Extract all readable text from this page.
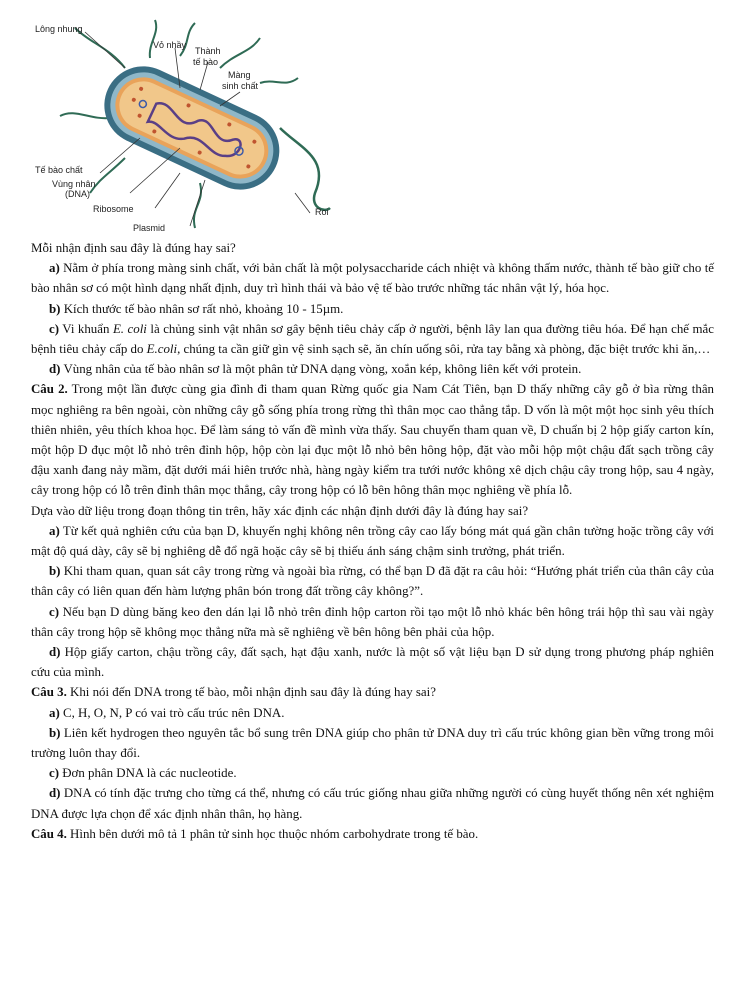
Lông nhung
Vỏ nhầy
Thành
tế bào
Màng
sinh chất
Tế bào chất
Vùng nhân
(DNA)
Ribosome	Roi
Plasmid

Mỗi nhận định sau đây là đúng hay sai?

a) Nằm ở phía trong màng sinh chất, với bản chất là một polysaccharide cách nhiệt và không thấm nước, thành tế bào giữ cho tế bào nhân sơ có một hình dạng nhất định, duy trì hình thái và bảo vệ tế bào trước những tác nhân vật lý, hóa học.

b) Kích thước tế bào nhân sơ rất nhỏ, khoảng 10 - 15µm.

c) Vi khuẩn E. coli là chủng sinh vật nhân sơ gây bệnh tiêu chảy cấp ở người, bệnh lây lan qua đường tiêu hóa. Để hạn chế mắc bệnh tiêu chảy cấp do E.coli, chúng ta cần giữ gìn vệ sinh sạch sẽ, ăn chín uống sôi, rửa tay bằng xà phòng, đặc biệt trước khi ăn,…

d) Vùng nhân của tế bào nhân sơ là một phân tử DNA dạng vòng, xoắn kép, không liên kết với protein.

Câu 2. Trong một lần được cùng gia đình đi tham quan Rừng quốc gia Nam Cát Tiên, bạn D thấy những cây gỗ ở bìa rừng thân mọc nghiêng ra bên ngoài, còn những cây gỗ sống phía trong rừng thì thân mọc cao thẳng tắp. D vốn là một một học sinh yêu thích thiên nhiên, yêu thích khoa học. Để làm sáng tỏ vấn đề mình vừa thấy. Sau chuyến tham quan về, D chuẩn bị 2 hộp giấy carton kín, một hộp D đục một lỗ nhỏ trên đỉnh hộp, hộp còn lại đục một lỗ nhỏ bên hông hộp, đặt vào mỗi hộp một chậu đất sạch trồng cây đậu xanh đang nảy mầm, đặt dưới mái hiên trước nhà, hàng ngày kiểm tra tưới nước không xê dịch chậu cây trong hộp, sau 4 ngày, cây trong hộp có lỗ trên đỉnh thân mọc thẳng, cây trong hộp có lỗ bên hông thân mọc nghiêng về phía lỗ.

Dựa vào dữ liệu trong đoạn thông tin trên, hãy xác định các nhận định dưới đây là đúng hay sai?

a) Từ kết quả nghiên cứu của bạn D, khuyến nghị không nên trồng cây cao lấy bóng mát quá gần chân tường hoặc trồng cây với mật độ quá dày, cây sẽ bị nghiêng dễ đổ ngã hoặc cây sẽ bị thiếu ánh sáng chậm sinh trưởng, phát triển.

b) Khi tham quan, quan sát cây trong rừng và ngoài bìa rừng, có thể bạn D đã đặt ra câu hỏi: “Hướng phát triển của thân cây của thân cây có liên quan đến hàm lượng phân bón trong đất trồng cây không?”.

c) Nếu bạn D dùng băng keo đen dán lại lỗ nhỏ trên đỉnh hộp carton rồi tạo một lỗ nhỏ khác bên hông trái hộp thì sau vài ngày thân cây trong hộp sẽ không mọc thẳng nữa mà sẽ nghiêng về bên hông bên phải của hộp.

d) Hộp giấy carton, chậu trồng cây, đất sạch, hạt đậu xanh, nước là một số vật liệu bạn D sử dụng trong phương pháp nghiên cứu của mình.

Câu 3. Khi nói đến DNA trong tế bào, mỗi nhận định sau đây là đúng hay sai?

a) C, H, O, N, P có vai trò cấu trúc nên DNA.

b) Liên kết hydrogen theo nguyên tắc bổ sung trên DNA giúp cho phân tử DNA duy trì cấu trúc không gian bền vững trong môi trường luôn thay đổi.

c) Đơn phân DNA là các nucleotide.

d) DNA có tính đặc trưng cho từng cá thể, nhưng có cấu trúc giống nhau giữa những người có cùng huyết thống nên xét nghiệm DNA được lựa chọn để xác định nhân thân, họ hàng.

Câu 4. Hình bên dưới mô tả 1 phân tử sinh học thuộc nhóm carbohydrate trong tế bào.
